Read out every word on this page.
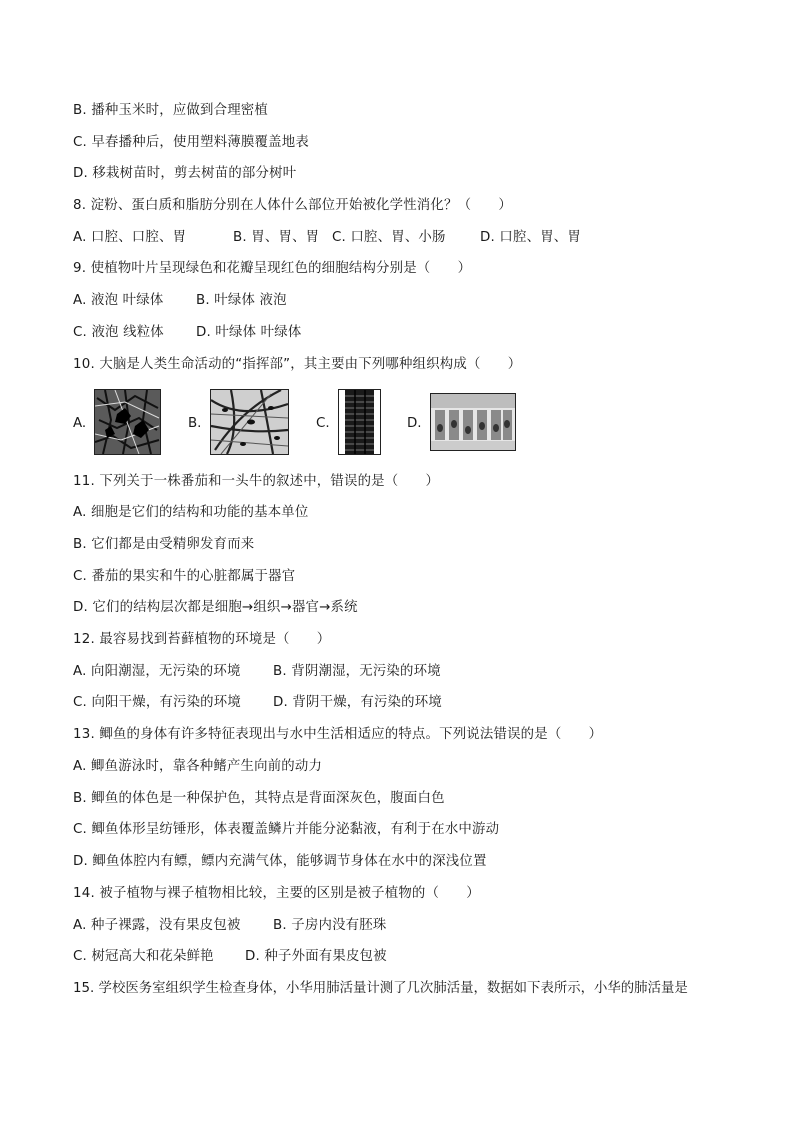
B. 播种玉米时，应做到合理密植
C. 早春播种后，使用塑料薄膜覆盖地表
D. 移栽树苗时，剪去树苗的部分树叶
8. 淀粉、蛋白质和脂肪分别在人体什么部位开始被化学性消化？（　　）
A. 口腔、口腔、胃	B. 胃、胃、胃 C. 口腔、胃、小肠	D. 口腔、胃、胃
9. 使植物叶片呈现绿色和花瓣呈现红色的细胞结构分别是（　　）
A. 液泡 叶绿体 B. 叶绿体 液泡
C. 液泡 线粒体 D. 叶绿体 叶绿体
10. 大脑是人类生命活动的“指挥部”，其主要由下列哪种组织构成（　　）
A.	B.	C.	D.
11. 下列关于一株番茄和一头牛的叙述中，错误的是（　　）
A. 细胞是它们的结构和功能的基本单位
B. 它们都是由受精卵发育而来
C. 番茄的果实和牛的心脏都属于器官
D. 它们的结构层次都是细胞→组织→器官→系统
12. 最容易找到苔藓植物的环境是（　　）
A. 向阳潮湿，无污染的环境 B. 背阴潮湿，无污染的环境
C. 向阳干燥，有污染的环境 D. 背阴干燥，有污染的环境
13. 鲫鱼的身体有许多特征表现出与水中生活相适应的特点。下列说法错误的是（　　）
A. 鲫鱼游泳时，靠各种鳍产生向前的动力
B. 鲫鱼的体色是一种保护色，其特点是背面深灰色，腹面白色
C. 鲫鱼体形呈纺锤形，体表覆盖鳞片并能分泌黏液，有利于在水中游动
D. 鲫鱼体腔内有鳔，鳔内充满气体，能够调节身体在水中的深浅位置
14. 被子植物与裸子植物相比较，主要的区别是被子植物的（　　）
A. 种子裸露，没有果皮包被 B. 子房内没有胚珠
C. 树冠高大和花朵鲜艳 D. 种子外面有果皮包被
15. 学校医务室组织学生检查身体，小华用肺活量计测了几次肺活量，数据如下表所示，小华的肺活量是
